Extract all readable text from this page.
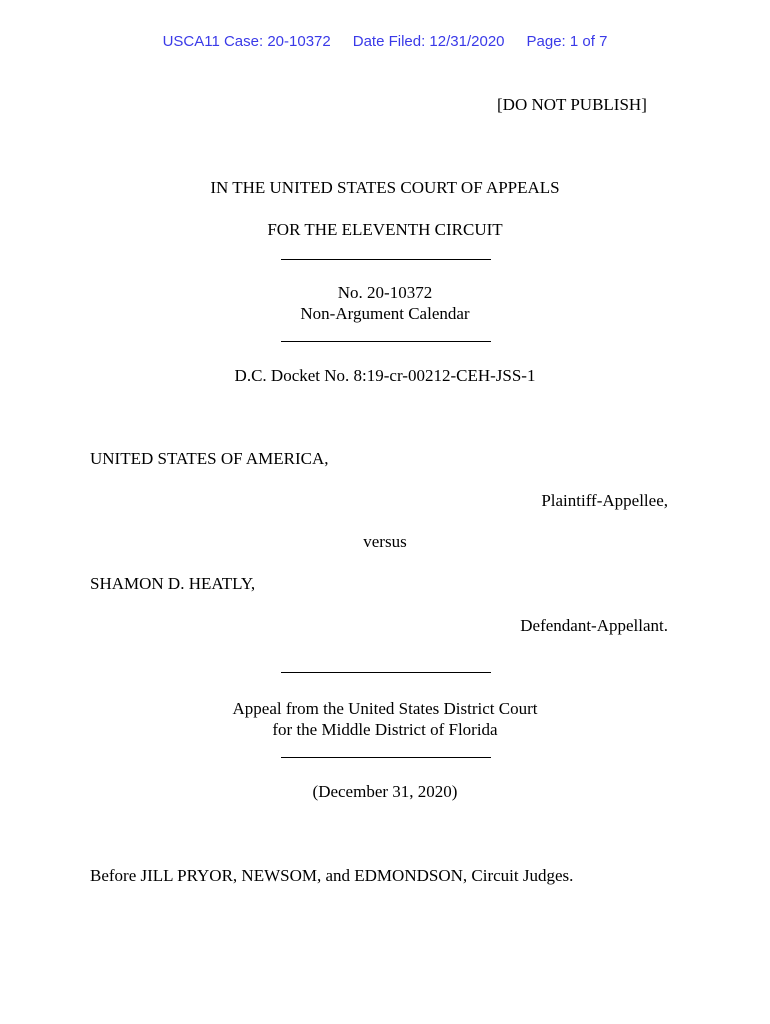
USCA11 Case: 20-10372 Date Filed: 12/31/2020 Page: 1 of 7
[DO NOT PUBLISH]
IN THE UNITED STATES COURT OF APPEALS
FOR THE ELEVENTH CIRCUIT
No. 20-10372
Non-Argument Calendar
D.C. Docket No. 8:19-cr-00212-CEH-JSS-1
UNITED STATES OF AMERICA,
Plaintiff-Appellee,
versus
SHAMON D. HEATLY,
Defendant-Appellant.
Appeal from the United States District Court
for the Middle District of Florida
(December 31, 2020)
Before JILL PRYOR, NEWSOM, and EDMONDSON, Circuit Judges.
